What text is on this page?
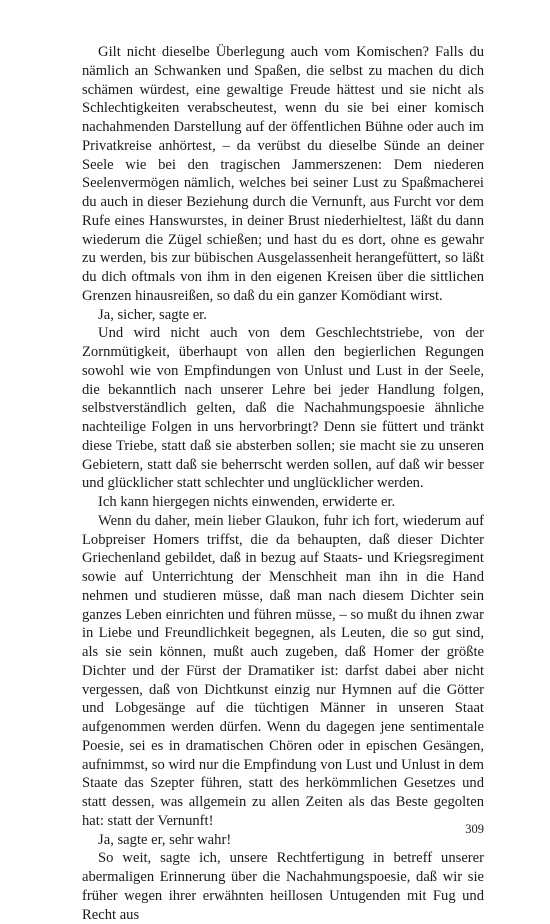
Gilt nicht dieselbe Überlegung auch vom Komischen? Falls du nämlich an Schwanken und Spaßen, die selbst zu machen du dich schämen würdest, eine gewaltige Freude hättest und sie nicht als Schlechtigkeiten verabscheutest, wenn du sie bei einer komisch nachahmenden Darstellung auf der öffentlichen Bühne oder auch im Privatkreise anhörtest, – da verübst du dieselbe Sünde an deiner Seele wie bei den tragischen Jammerszenen: Dem niederen Seelenvermögen nämlich, welches bei seiner Lust zu Spaßmacherei du auch in dieser Beziehung durch die Vernunft, aus Furcht vor dem Rufe eines Hanswurstes, in deiner Brust niederhieltest, läßt du dann wiederum die Zügel schießen; und hast du es dort, ohne es gewahr zu werden, bis zur bübischen Ausgelassenheit herangefüttert, so läßt du dich oftmals von ihm in den eigenen Kreisen über die sittlichen Grenzen hinausreißen, so daß du ein ganzer Komödiant wirst.

Ja, sicher, sagte er.

Und wird nicht auch von dem Geschlechtstriebe, von der Zornmütigkeit, überhaupt von allen den begierlichen Regungen sowohl wie von Empfindungen von Unlust und Lust in der Seele, die bekanntlich nach unserer Lehre bei jeder Handlung folgen, selbstverständlich gelten, daß die Nachahmungspoesie ähnliche nachteilige Folgen in uns hervorbringt? Denn sie füttert und tränkt diese Triebe, statt daß sie absterben sollen; sie macht sie zu unseren Gebietern, statt daß sie beherrscht werden sollen, auf daß wir besser und glücklicher statt schlechter und unglücklicher werden.

Ich kann hiergegen nichts einwenden, erwiderte er.

Wenn du daher, mein lieber Glaukon, fuhr ich fort, wiederum auf Lobpreiser Homers triffst, die da behaupten, daß dieser Dichter Griechenland gebildet, daß in bezug auf Staats- und Kriegsregiment sowie auf Unterrichtung der Menschheit man ihn in die Hand nehmen und studieren müsse, daß man nach diesem Dichter sein ganzes Leben einrichten und führen müsse, – so mußt du ihnen zwar in Liebe und Freundlichkeit begegnen, als Leuten, die so gut sind, als sie sein können, mußt auch zugeben, daß Homer der größte Dichter und der Fürst der Dramatiker ist: darfst dabei aber nicht vergessen, daß von Dichtkunst einzig nur Hymnen auf die Götter und Lobgesänge auf die tüchtigen Männer in unseren Staat aufgenommen werden dürfen. Wenn du dagegen jene sentimentale Poesie, sei es in dramatischen Chören oder in epischen Gesängen, aufnimmst, so wird nur die Empfindung von Lust und Unlust in dem Staate das Szepter führen, statt des herkömmlichen Gesetzes und statt dessen, was allgemein zu allen Zeiten als das Beste gegolten hat: statt der Vernunft!

Ja, sagte er, sehr wahr!

So weit, sagte ich, unsere Rechtfertigung in betreff unserer abermaligen Erinnerung über die Nachahmungspoesie, daß wir sie früher wegen ihrer erwähnten heillosen Untugenden mit Fug und Recht aus

309
